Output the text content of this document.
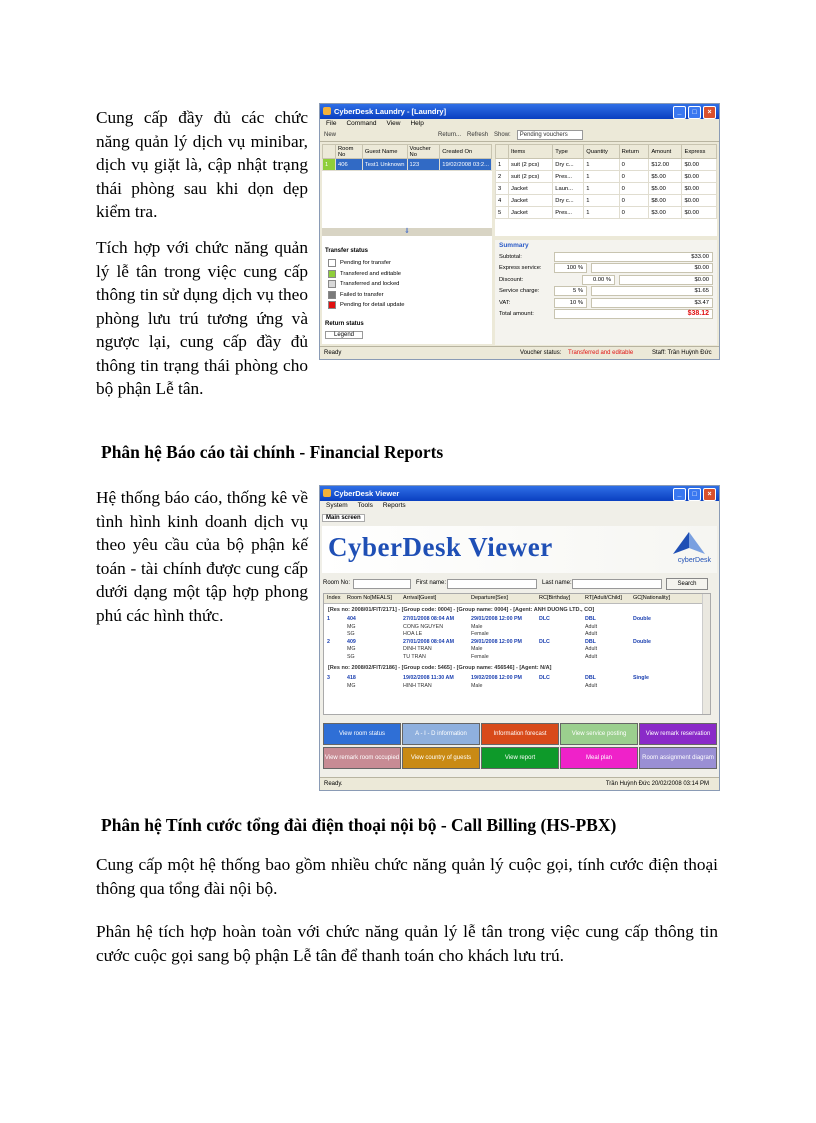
Cung cấp đầy đủ các chức năng quản lý dịch vụ minibar, dịch vụ giặt là, cập nhật trạng thái phòng sau khi dọn dẹp kiểm tra.
Tích hợp với chức năng quản lý lễ tân trong việc cung cấp thông tin sử dụng dịch vụ theo phòng lưu trú tương ứng và ngược lại, cung cấp đầy đủ thông tin trạng thái phòng cho bộ phận Lễ tân.
Phân hệ Báo cáo tài chính - Financial Reports
Hệ thống báo cáo, thống kê về tình hình kinh doanh dịch vụ theo yêu cầu của bộ phận kế toán - tài chính được cung cấp dưới dạng một tập hợp phong phú các hình thức.
Phân hệ Tính cước tổng đài điện thoại nội bộ - Call Billing (HS-PBX)
Cung cấp một hệ thống bao gồm nhiều chức năng quản lý cuộc gọi, tính cước điện thoại thông qua tổng đài nội bộ.
Phân hệ tích hợp hoàn toàn với chức năng quản lý lễ tân trong việc cung cấp thông tin cước cuộc gọi sang bộ phận Lễ tân để thanh toán cho khách lưu trú.
CyberDesk Laundry - [Laundry]	_	□	×
File Command View Help
New	Return... Refresh Show:	Pending vouchers
	Room No	Guest Name	Voucher No	Created On
1	406	Test1 Unknown	123	19/02/2008 03:2...
⇓
Transfer status
Pending for transfer
Transfered and editable
Transferred and locked
Failed to transfer
Pending for detail update
Return status
Legend
	Items	Type	Quantity	Return	Amount	Express
1	suit (2 pcs)	Dry c...	1	0	$12.00	$0.00
2	suit (2 pcs)	Pres...	1	0	$5.00	$0.00
3	Jacket	Laun...	1	0	$5.00	$0.00
4	Jacket	Dry c...	1	0	$8.00	$0.00
5	Jacket	Pres...	1	0	$3.00	$0.00
Summary
Subtotal:	$33.00
Express service:	100 %	$0.00
Discount:	0.00 %	$0.00
Service charge:	5 %	$1.65
VAT:	10 %	$3.47
Total amount:	$38.12
Ready	Voucher status: Transferred and editable	Staff: Trần Huỳnh Đức
CyberDesk Viewer	_	□	×
System Tools Reports
Main screen
CyberDesk Viewer	cyberDesk
Room No:	First name:	Last name:	Search
Index	Room No[MEALS]	Arrival[Guest]	Departure[Sex]	RC[Birthday]	RT[Adult/Child]	GC[Nationality]
[Res no: 2008/01/FIT/2171] - [Group code: 0004] - [Group name: 0004] - [Agent: ANH DUONG LTD., CO]
1	404	27/01/2008 08:04 AM	29/01/2008 12:00 PM	DLC	DBL	Double
MG	CONG NGUYEN	Male	Adult
SG	HOA LE	Female	Adult
2	409	27/01/2008 08:04 AM	29/01/2008 12:00 PM	DLC	DBL	Double
MG	DINH TRAN	Male	Adult
SG	TU TRAN	Female	Adult
[Res no: 2008/02/FIT/2186] - [Group code: 5465] - [Group name: 456546] - [Agent: N/A]
3	418	19/02/2008 11:30 AM	19/02/2008 12:00 PM	DLC	DBL	Single
MG	HINH TRAN	Male	Adult
View room status	A - I - D information	Information forecast	View service posting	View remark reservation
View remark room occupied	View country of guests	View report	Meal plan	Room assignment diagram
Ready.	Trần Huỳnh Đức 20/02/2008 03:14 PM
